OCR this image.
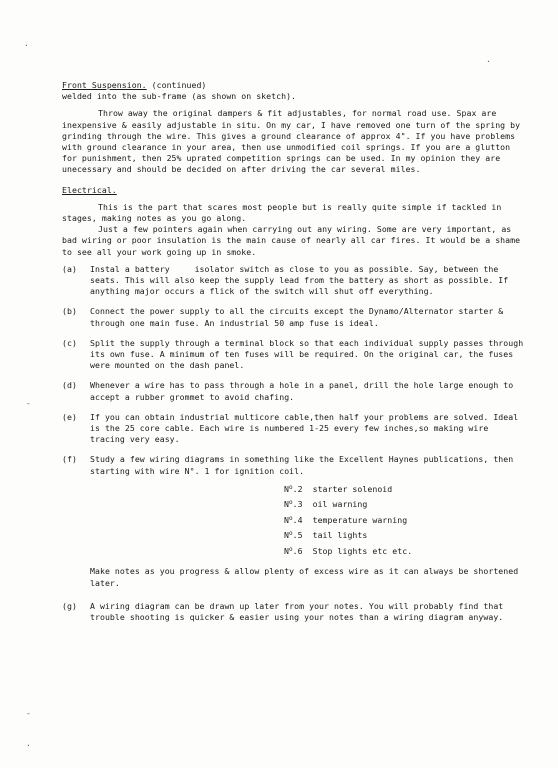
·
·
-
-
·

Front Suspension. (continued)

welded into the sub-frame (as shown on sketch).

Throw away the original dampers & fit adjustables, for normal road use. Spax are inexpensive & easily adjustable in situ. On my car, I have removed one turn of the spring by grinding through the wire. This gives a ground clearance of approx 4". If you have problems with ground clearance in your area, then use unmodified coil springs. If you are a glutton for punishment, then 25% uprated competition springs can be used. In my opinion they are unecessary and should be decided on after driving the car several miles.

Electrical.

This is the part that scares most people but is really quite simple if tackled in stages, making notes as you go along.

Just a few pointers again when carrying out any wiring. Some are very important, as bad wiring or poor insulation is the main cause of nearly all car fires. It would be a shame to see all your work going up in smoke.

(a) Instal a battery     isolator switch as close to you as possible. Say, between the seats. This will also keep the supply lead from the battery as short as possible. If anything major occurs a flick of the switch will shut off everything.
(b) Connect the power supply to all the circuits except the Dynamo/Alternator starter & through one main fuse. An industrial 50 amp fuse is ideal.
(c) Split the supply through a terminal block so that each individual supply passes through its own fuse. A minimum of ten fuses will be required. On the original car, the fuses were mounted on the dash panel.
(d) Whenever a wire has to pass through a hole in a panel, drill the hole large enough to accept a rubber grommet to avoid chafing.
(e) If you can obtain industrial multicore cable,then half your problems are solved. Ideal is the 25 core cable. Each wire is numbered 1-25 every few inches,so making wire tracing very easy.
(f) Study a few wiring diagrams in something like the Excellent Haynes publications, then starting with wire N°. 1 for ignition coil.
$N^o.2$ starter solenoid
$N^o.3$ oil warning
$N^o.4$ temperature warning
$N^o.5$ tail lights
$N^o.6$ Stop lights etc etc.

Make notes as you progress & allow plenty of excess wire as it can always be shortened later.

(g) A wiring diagram can be drawn up later from your notes. You will probably find that trouble shooting is quicker & easier using your notes than a wiring diagram anyway.
